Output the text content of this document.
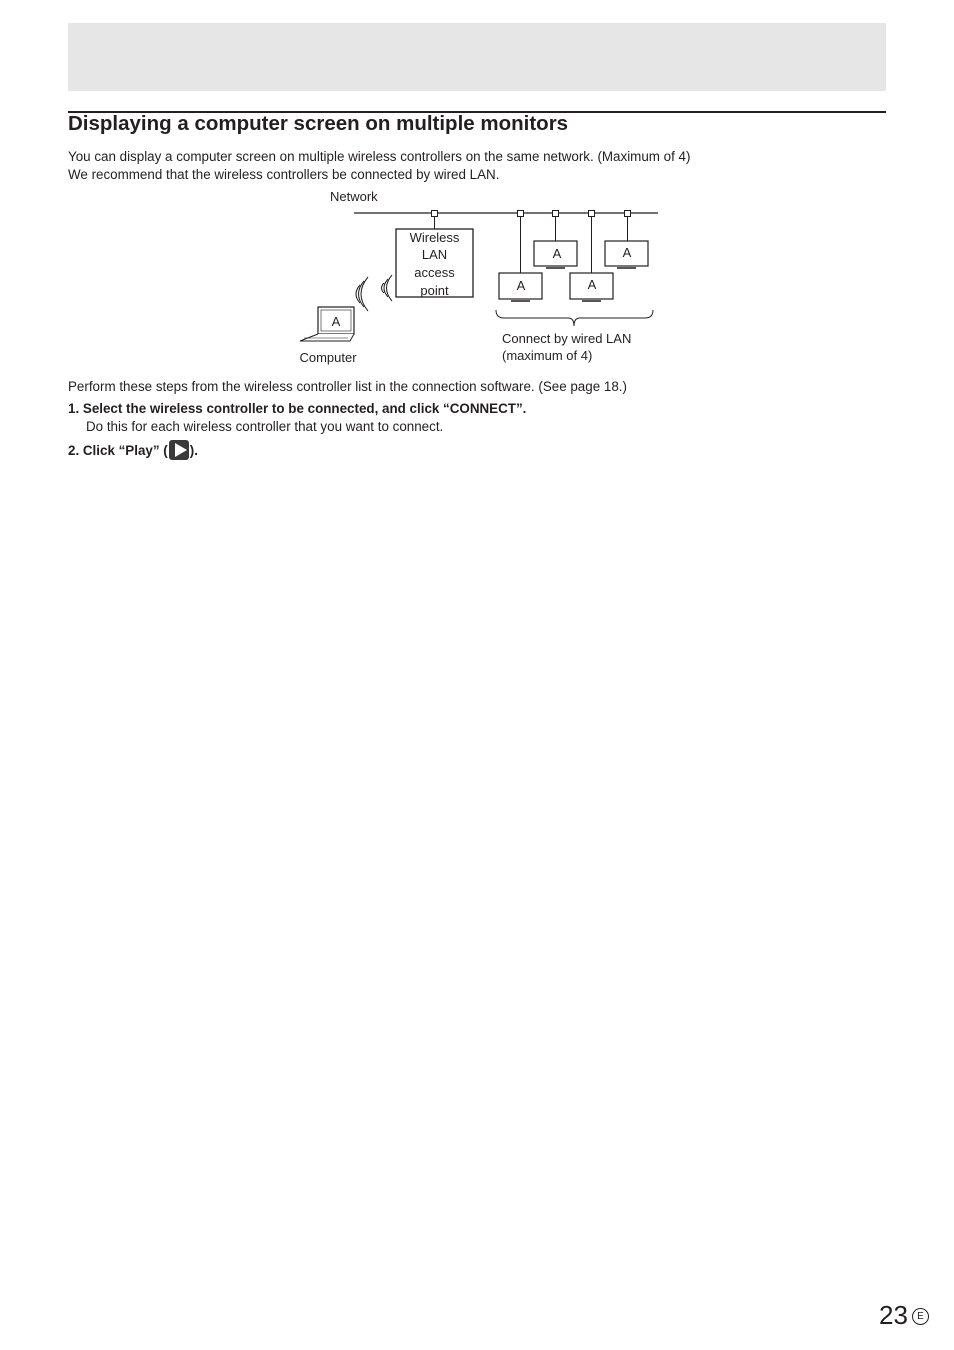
Displaying a computer screen on multiple monitors
You can display a computer screen on multiple wireless controllers on the same network. (Maximum of 4)
We recommend that the wireless controllers be connected by wired LAN.
Network
Wireless
LAN
access
point
A
Computer
A	A
A	A
Connect by wired LAN
(maximum of 4)
Perform these steps from the wireless controller list in the connection software. (See page 18.)
1. Select the wireless controller to be connected, and click “CONNECT”.
Do this for each wireless controller that you want to connect.
2. Click “Play” ( ).
23 E
